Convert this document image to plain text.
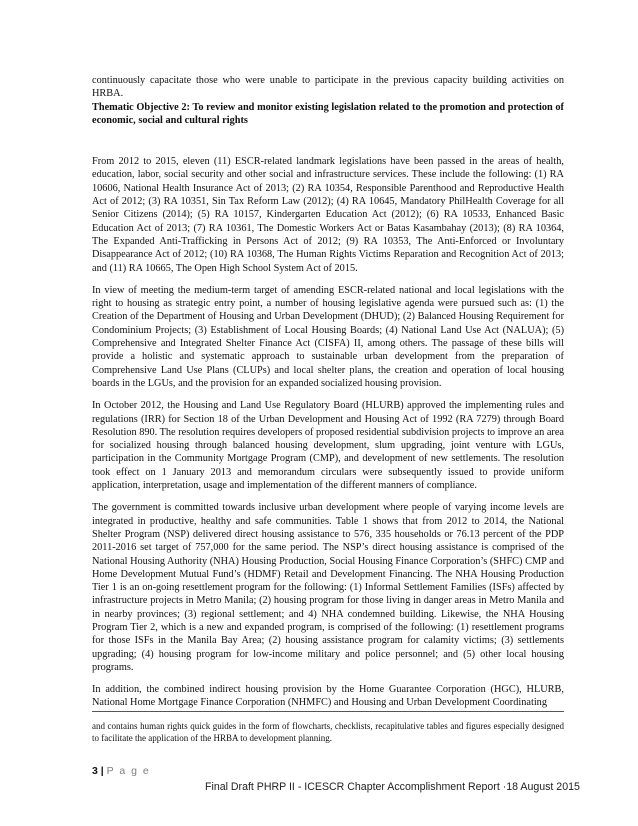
continuously capacitate those who were unable to participate in the previous capacity building activities on HRBA.

Thematic Objective 2: To review and monitor existing legislation related to the promotion and protection of economic, social and cultural rights

From 2012 to 2015, eleven (11) ESCR-related landmark legislations have been passed in the areas of health, education, labor, social security and other social and infrastructure services. These include the following: (1) RA 10606, National Health Insurance Act of 2013; (2) RA 10354, Responsible Parenthood and Reproductive Health Act of 2012; (3) RA 10351, Sin Tax Reform Law (2012); (4) RA 10645, Mandatory PhilHealth Coverage for all Senior Citizens (2014); (5) RA 10157, Kindergarten Education Act (2012); (6) RA 10533, Enhanced Basic Education Act of 2013; (7) RA 10361, The Domestic Workers Act or Batas Kasambahay (2013); (8) RA 10364, The Expanded Anti-Trafficking in Persons Act of 2012; (9) RA 10353, The Anti-Enforced or Involuntary Disappearance Act of 2012; (10) RA 10368, The Human Rights Victims Reparation and Recognition Act of 2013; and (11) RA 10665, The Open High School System Act of 2015.

In view of meeting the medium-term target of amending ESCR-related national and local legislations with the right to housing as strategic entry point, a number of housing legislative agenda were pursued such as: (1) the Creation of the Department of Housing and Urban Development (DHUD); (2) Balanced Housing Requirement for Condominium Projects; (3) Establishment of Local Housing Boards; (4) National Land Use Act (NALUA); (5) Comprehensive and Integrated Shelter Finance Act (CISFA) II, among others. The passage of these bills will provide a holistic and systematic approach to sustainable urban development from the preparation of Comprehensive Land Use Plans (CLUPs) and local shelter plans, the creation and operation of local housing boards in the LGUs, and the provision for an expanded socialized housing provision.

In October 2012, the Housing and Land Use Regulatory Board (HLURB) approved the implementing rules and regulations (IRR) for Section 18 of the Urban Development and Housing Act of 1992 (RA 7279) through Board Resolution 890. The resolution requires developers of proposed residential subdivision projects to improve an area for socialized housing through balanced housing development, slum upgrading, joint venture with LGUs, participation in the Community Mortgage Program (CMP), and development of new settlements. The resolution took effect on 1 January 2013 and memorandum circulars were subsequently issued to provide uniform application, interpretation, usage and implementation of the different manners of compliance.

The government is committed towards inclusive urban development where people of varying income levels are integrated in productive, healthy and safe communities. Table 1 shows that from 2012 to 2014, the National Shelter Program (NSP) delivered direct housing assistance to 576, 335 households or 76.13 percent of the PDP 2011-2016 set target of 757,000 for the same period. The NSP’s direct housing assistance is comprised of the National Housing Authority (NHA) Housing Production, Social Housing Finance Corporation’s (SHFC) CMP and Home Development Mutual Fund’s (HDMF) Retail and Development Financing. The NHA Housing Production Tier 1 is an on-going resettlement program for the following: (1) Informal Settlement Families (ISFs) affected by infrastructure projects in Metro Manila; (2) housing program for those living in danger areas in Metro Manila and in nearby provinces; (3) regional settlement; and 4) NHA condemned building. Likewise, the NHA Housing Program Tier 2, which is a new and expanded program, is comprised of the following: (1) resettlement programs for those ISFs in the Manila Bay Area; (2) housing assistance program for calamity victims; (3) settlements upgrading; (4) housing program for low-income military and police personnel; and (5) other local housing programs.

In addition, the combined indirect housing provision by the Home Guarantee Corporation (HGC), HLURB, National Home Mortgage Finance Corporation (NHMFC) and Housing and Urban Development Coordinating

and contains human rights quick guides in the form of flowcharts, checklists, recapitulative tables and figures especially designed to facilitate the application of the HRBA to development planning.

3 | P a g e
Final Draft PHRP II - ICESCR Chapter Accomplishment Report ·18 August 2015
